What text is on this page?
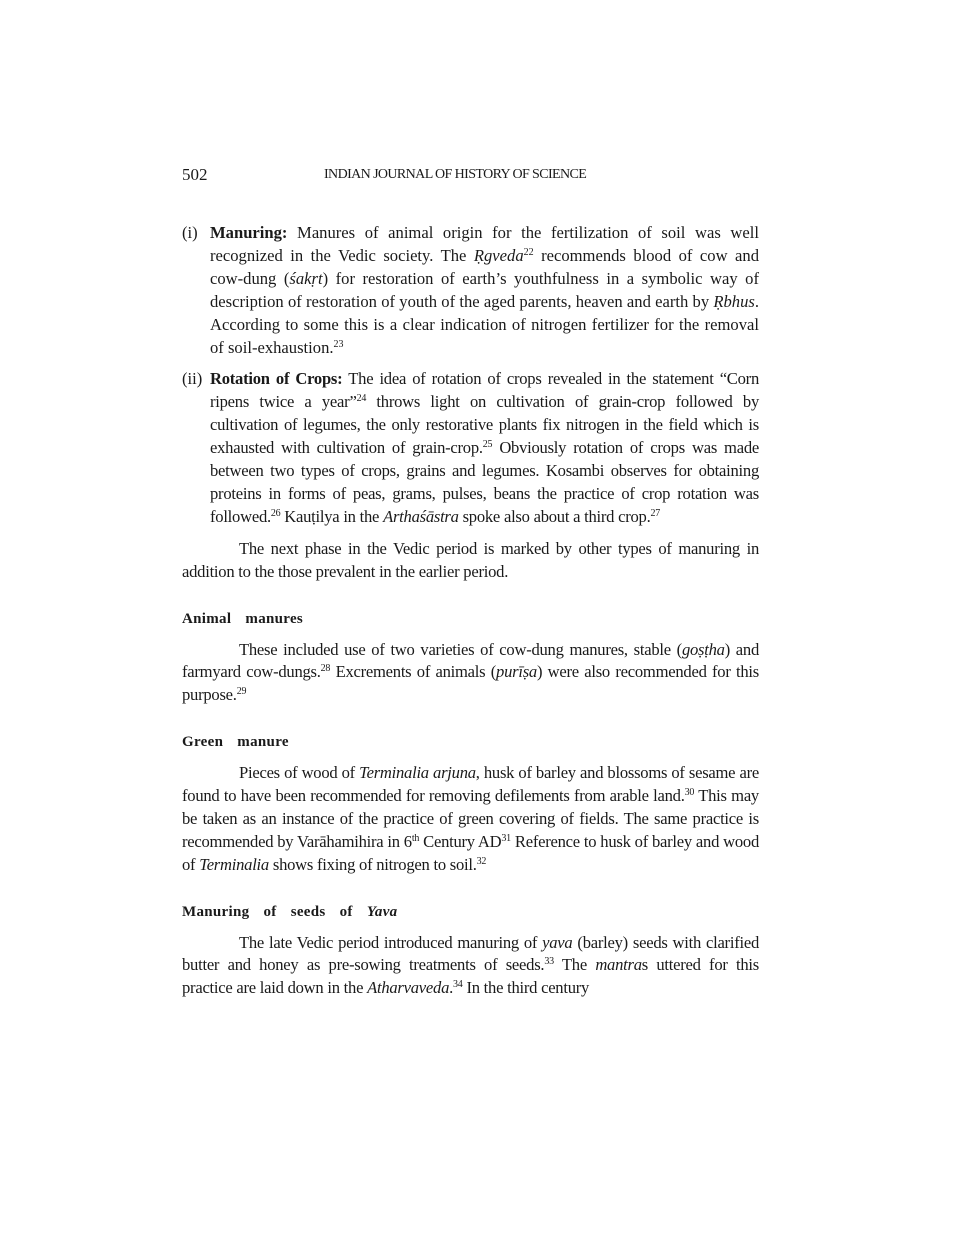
502	INDIAN JOURNAL OF HISTORY OF SCIENCE
(i) Manuring: Manures of animal origin for the fertilization of soil was well recognized in the Vedic society. The Ṛgveda$^{22}$ recommends blood of cow and cow-dung (śakṛt) for restoration of earth’s youthfulness in a symbolic way of description of restoration of youth of the aged parents, heaven and earth by Ṛbhus. According to some this is a clear indication of nitrogen fertilizer for the removal of soil-exhaustion.$^{23}$
(ii) Rotation of Crops: The idea of rotation of crops revealed in the statement “Corn ripens twice a year”$^{24}$ throws light on cultivation of grain-crop followed by cultivation of legumes, the only restorative plants fix nitrogen in the field which is exhausted with cultivation of grain-crop.$^{25}$ Obviously rotation of crops was made between two types of crops, grains and legumes. Kosambi observes for obtaining proteins in forms of peas, grams, pulses, beans the practice of crop rotation was followed.$^{26}$ Kauṭilya in the Arthaśāstra spoke also about a third crop.$^{27}$

The next phase in the Vedic period is marked by other types of manuring in addition to the those prevalent in the earlier period.

Animal  manures

These included use of two varieties of cow-dung manures, stable (goṣṭha) and farmyard cow-dungs.$^{28}$ Excrements of animals (purīṣa) were also recommended for this purpose.$^{29}$

Green  manure

Pieces of wood of Terminalia arjuna, husk of barley and blossoms of sesame are found to have been recommended for removing defilements from arable land.$^{30}$ This may be taken as an instance of the practice of green covering of fields. The same practice is recommended by Varāhamihira in 6th Century AD$^{31}$ Reference to husk of barley and wood of Terminalia shows fixing of nitrogen to soil.$^{32}$

Manuring  of  seeds  of  Yava

The late Vedic period introduced manuring of yava (barley) seeds with clarified butter and honey as pre-sowing treatments of seeds.$^{33}$ The mantras uttered for this practice are laid down in the Atharvaveda.$^{34}$ In the third century
